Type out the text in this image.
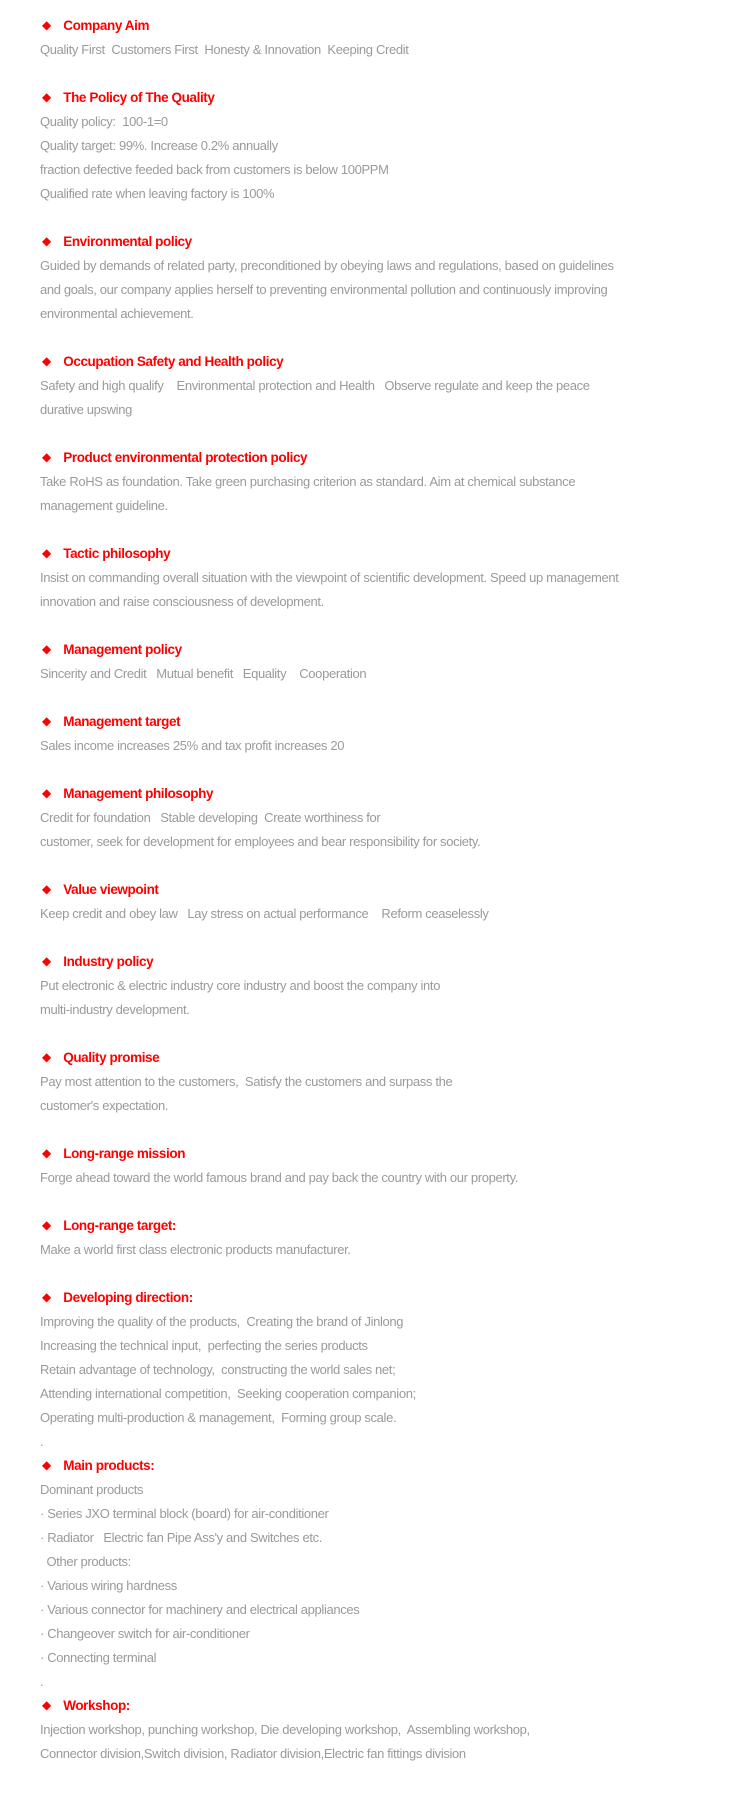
◆ Company Aim

Quality First  Customers First  Honesty & Innovation  Keeping Credit

◆ The Policy of The Quality

Quality policy:  100-1=0

Quality target: 99%. Increase 0.2% annually

fraction defective feeded back from customers is below 100PPM

Qualified rate when leaving factory is 100%

◆ Environmental policy

Guided by demands of related party, preconditioned by obeying laws and regulations, based on guidelines

and goals, our company applies herself to preventing environmental pollution and continuously improving

environmental achievement.

◆ Occupation Safety and Health policy

Safety and high qualify    Environmental protection and Health   Observe regulate and keep the peace

durative upswing

◆ Product environmental protection policy

Take RoHS as foundation. Take green purchasing criterion as standard. Aim at chemical substance

management guideline.

◆ Tactic philosophy

Insist on commanding overall situation with the viewpoint of scientific development. Speed up management

innovation and raise consciousness of development.

◆ Management policy

Sincerity and Credit   Mutual benefit   Equality    Cooperation

◆ Management target

Sales income increases 25% and tax profit increases 20

◆ Management philosophy

Credit for foundation   Stable developing  Create worthiness for

customer, seek for development for employees and bear responsibility for society.

◆ Value viewpoint

Keep credit and obey law   Lay stress on actual performance    Reform ceaselessly

◆ Industry policy

Put electronic & electric industry core industry and boost the company into

multi-industry development.

◆ Quality promise

Pay most attention to the customers,  Satisfy the customers and surpass the

customer's expectation.

◆ Long-range mission

Forge ahead toward the world famous brand and pay back the country with our property.

◆ Long-range target:

Make a world first class electronic products manufacturer.

◆ Developing direction:

Improving the quality of the products,  Creating the brand of Jinlong

Increasing the technical input,  perfecting the series products

Retain advantage of technology,  constructing the world sales net;

Attending international competition,  Seeking cooperation companion;

Operating multi-production & management,  Forming group scale.

.

◆ Main products:

Dominant products

· Series JXO terminal block (board) for air-conditioner

· Radiator   Electric fan Pipe Ass'y and Switches etc.

Other products:

· Various wiring hardness

· Various connector for machinery and electrical appliances

· Changeover switch for air-conditioner

· Connecting terminal

.

◆ Workshop:

Injection workshop, punching workshop, Die developing workshop,  Assembling workshop,

Connector division,Switch division, Radiator division,Electric fan fittings division
